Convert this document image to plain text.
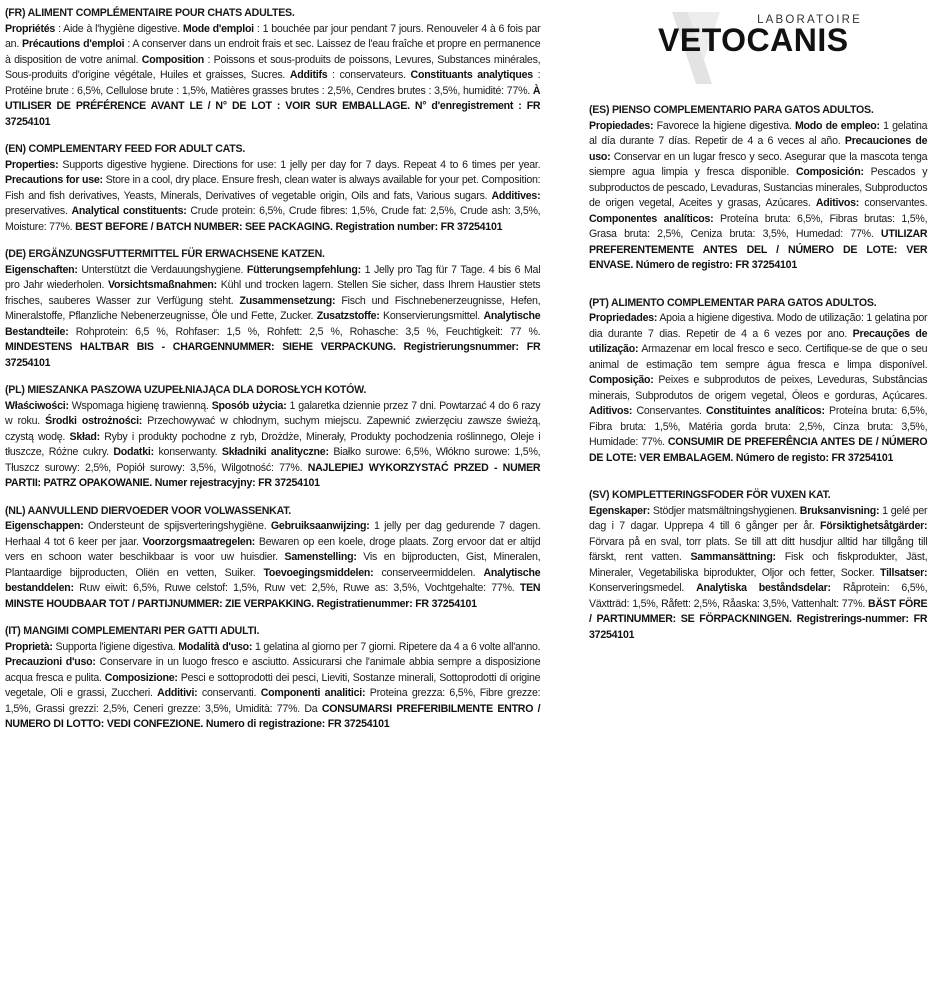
LABORATOIRE
VETOCANIS
(FR) ALIMENT COMPLÉMENTAIRE POUR CHATS ADULTES.
Propriétés : Aide à l'hygiène digestive. Mode d'emploi : 1 bouchée par jour pendant 7 jours. Renouveler 4 à 6 fois par an. Précautions d'emploi : A conserver dans un endroit frais et sec. Laissez de l'eau fraîche et propre en permanence à disposition de votre animal. Composition : Poissons et sous-produits de poissons, Levures, Substances minérales, Sous-produits d'origine végétale, Huiles et graisses, Sucres. Additifs : conservateurs. Constituants analytiques : Protéine brute : 6,5%, Cellulose brute : 1,5%, Matières grasses brutes : 2,5%, Cendres brutes : 3,5%, humidité: 77%. À UTILISER DE PRÉFÉRENCE AVANT LE / N° DE LOT : VOIR SUR EMBALLAGE. N° d'enregistrement : FR 37254101
(EN) COMPLEMENTARY FEED FOR ADULT CATS.
Properties: Supports digestive hygiene. Directions for use: 1 jelly per day for 7 days. Repeat 4 to 6 times per year. Precautions for use: Store in a cool, dry place. Ensure fresh, clean water is always available for your pet. Composition: Fish and fish derivatives, Yeasts, Minerals, Derivatives of vegetable origin, Oils and fats, Various sugars. Additives: preservatives. Analytical constituents: Crude protein: 6,5%, Crude fibres: 1,5%, Crude fat: 2,5%, Crude ash: 3,5%, Moisture: 77%. BEST BEFORE / BATCH NUMBER: SEE PACKAGING. Registration number: FR 37254101
(DE) ERGÄNZUNGSFUTTERMITTEL FÜR ERWACHSENE KATZEN.
Eigenschaften: Unterstützt die Verdauungshygiene. Fütterungsempfehlung: 1 Jelly pro Tag für 7 Tage. 4 bis 6 Mal pro Jahr wiederholen. Vorsichtsmaßnahmen: Kühl und trocken lagern. Stellen Sie sicher, dass Ihrem Haustier stets frisches, sauberes Wasser zur Verfügung steht. Zusammensetzung: Fisch und Fischnebenerzeugnisse, Hefen, Mineralstoffe, Pflanzliche Nebenerzeugnisse, Öle und Fette, Zucker. Zusatzstoffe: Konservierungsmittel. Analytische Bestandteile: Rohprotein: 6,5 %, Rohfaser: 1,5 %, Rohfett: 2,5 %, Rohasche: 3,5 %, Feuchtigkeit: 77 %. MINDESTENS HALTBAR BIS - CHARGENNUMMER: SIEHE VERPACKUNG. Registrierungsnummer: FR 37254101
(PL) MIESZANKA PASZOWA UZUPEŁNIAJĄCA DLA DOROSŁYCH KOTÓW.
Właściwości: Wspomaga higienę trawienną. Sposób użycia: 1 galaretka dziennie przez 7 dni. Powtarzać 4 do 6 razy w roku. Środki ostrożności: Przechowywać w chłodnym, suchym miejscu. Zapewnić zwierzęciu zawsze świeżą, czystą wodę. Skład: Ryby i produkty pochodne z ryb, Drożdże, Minerały, Produkty pochodzenia roślinnego, Oleje i tłuszcze, Różne cukry. Dodatki: konserwanty. Składniki analityczne: Białko surowe: 6,5%, Włókno surowe: 1,5%, Tłuszcz surowy: 2,5%, Popiół surowy: 3,5%, Wilgotność: 77%. NAJLEPIEJ WYKORZYSTAĆ PRZED - NUMER PARTII: PATRZ OPAKOWANIE. Numer rejestracyjny: FR 37254101
(NL) AANVULLEND DIERVOEDER VOOR VOLWASSENKAT.
Eigenschappen: Ondersteunt de spijsverteringshygiëne. Gebruiksaanwijzing: 1 jelly per dag gedurende 7 dagen. Herhaal 4 tot 6 keer per jaar. Voorzorgsmaatregelen: Bewaren op een koele, droge plaats. Zorg ervoor dat er altijd vers en schoon water beschikbaar is voor uw huisdier. Samenstelling: Vis en bijproducten, Gist, Mineralen, Plantaardige bijproducten, Oliën en vetten, Suiker. Toevoegingsmiddelen: conserveermiddelen. Analytische bestanddelen: Ruw eiwit: 6,5%, Ruwe celstof: 1,5%, Ruw vet: 2,5%, Ruwe as: 3,5%, Vochtgehalte: 77%. TEN MINSTE HOUDBAAR TOT / PARTIJNUMMER: ZIE VERPAKKING. Registratienummer: FR 37254101
(IT) MANGIMI COMPLEMENTARI PER GATTI ADULTI.
Proprietà: Supporta l'igiene digestiva. Modalità d'uso: 1 gelatina al giorno per 7 giorni. Ripetere da 4 a 6 volte all'anno. Precauzioni d'uso: Conservare in un luogo fresco e asciutto. Assicurarsi che l'animale abbia sempre a disposizione acqua fresca e pulita. Composizione: Pesci e sottoprodotti dei pesci, Lieviti, Sostanze minerali, Sottoprodotti di origine vegetale, Oli e grassi, Zuccheri. Additivi: conservanti. Componenti analitici: Proteina grezza: 6,5%, Fibre grezze: 1,5%, Grassi grezzi: 2,5%, Ceneri grezze: 3,5%, Umidità: 77%. Da CONSUMARSI PREFERIBILMENTE ENTRO / NUMERO DI LOTTO: VEDI CONFEZIONE. Numero di registrazione: FR 37254101
(ES) PIENSO COMPLEMENTARIO PARA GATOS ADULTOS.
Propiedades: Favorece la higiene digestiva. Modo de empleo: 1 gelatina al día durante 7 días. Repetir de 4 a 6 veces al año. Precauciones de uso: Conservar en un lugar fresco y seco. Asegurar que la mascota tenga siempre agua limpia y fresca disponible. Composición: Pescados y subproductos de pescado, Levaduras, Sustancias minerales, Subproductos de origen vegetal, Aceites y grasas, Azúcares. Aditivos: conservantes. Componentes analíticos: Proteína bruta: 6,5%, Fibras brutas: 1,5%, Grasa bruta: 2,5%, Ceniza bruta: 3,5%, Humedad: 77%. UTILIZAR PREFERENTEMENTE ANTES DEL / NÚMERO DE LOTE: VER ENVASE. Número de registro: FR 37254101
(PT) ALIMENTO COMPLEMENTAR PARA GATOS ADULTOS.
Propriedades: Apoia a higiene digestiva. Modo de utilização: 1 gelatina por dia durante 7 dias. Repetir de 4 a 6 vezes por ano. Precauções de utilização: Armazenar em local fresco e seco. Certifique-se de que o seu animal de estimação tem sempre água fresca e limpa disponível. Composição: Peixes e subprodutos de peixes, Leveduras, Substâncias minerais, Subprodutos de origem vegetal, Óleos e gorduras, Açúcares. Aditivos: Conservantes. Constituintes analíticos: Proteína bruta: 6,5%, Fibra bruta: 1,5%, Matéria gorda bruta: 2,5%, Cinza bruta: 3,5%, Humidade: 77%. CONSUMIR DE PREFERÊNCIA ANTES DE / NÚMERO DE LOTE: VER EMBALAGEM. Número de registo: FR 37254101
(SV) KOMPLETTERINGSFODER FÖR VUXEN KAT.
Egenskaper: Stödjer matsmältningshygienen. Bruksanvisning: 1 gelé per dag i 7 dagar. Upprepa 4 till 6 gånger per år. Försiktighetsåtgärder: Förvara på en sval, torr plats. Se till att ditt husdjur alltid har tillgång till färskt, rent vatten. Sammansättning: Fisk och fiskprodukter, Jäst, Mineraler, Vegetabiliska biprodukter, Oljor och fetter, Socker. Tillsatser: Konserveringsmedel. Analytiska beståndsdelar: Råprotein: 6,5%, Växtträd: 1,5%, Råfett: 2,5%, Råaska: 3,5%, Vattenhalt: 77%. BÄST FÖRE / PARTINUMMER: SE FÖRPACKNINGEN. Registrerings-nummer: FR 37254101
